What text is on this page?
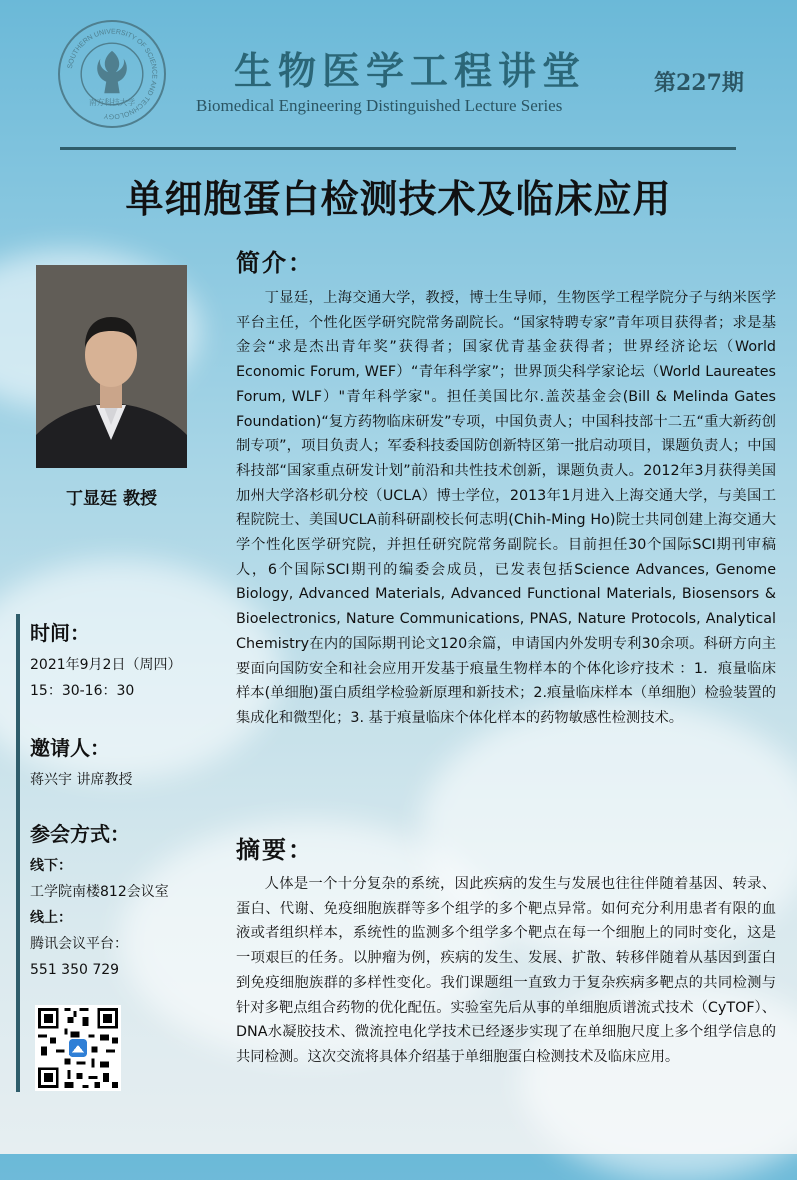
SOUTHERN UNIVERSITY OF SCIENCE AND TECHNOLOGY
南方科技大学
生物医学工程讲堂
Biomedical Engineering Distinguished Lecture Series
第227期
单细胞蛋白检测技术及临床应用
丁显廷 教授

时间：

2021年9月2日（周四）

15：30-16：30

邀请人：

蒋兴宇 讲席教授

参会方式：

线下：

工学院南楼812会议室

线上：

腾讯会议平台：

551 350 729

简介：

丁显廷，上海交通大学，教授，博士生导师，生物医学工程学院分子与纳米医学平台主任，个性化医学研究院常务副院长。“国家特聘专家”青年项目获得者；求是基金会“求是杰出青年奖”获得者；国家优青基金获得者；世界经济论坛（World Economic Forum, WEF）“青年科学家”；世界顶尖科学家论坛（World Laureates Forum, WLF）"青年科学家"。担任美国比尔.盖茨基金会(Bill & Melinda Gates Foundation)“复方药物临床研发”专项，中国负责人；中国科技部十二五“重大新药创制专项”，项目负责人；军委科技委国防创新特区第一批启动项目，课题负责人；中国科技部“国家重点研发计划”前沿和共性技术创新，课题负责人。2012年3月获得美国加州大学洛杉矶分校（UCLA）博士学位，2013年1月进入上海交通大学，与美国工程院院士、美国UCLA前科研副校长何志明(Chih-Ming Ho)院士共同创建上海交通大学个性化医学研究院，并担任研究院常务副院长。目前担任30个国际SCI期刊审稿人，6个国际SCI期刊的编委会成员，已发表包括Science Advances, Genome Biology, Advanced Materials, Advanced Functional Materials, Biosensors & Bioelectronics, Nature Communications, PNAS, Nature Protocols, Analytical Chemistry在内的国际期刊论文120余篇，申请国内外发明专利30余项。科研方向主要面向国防安全和社会应用开发基于痕量生物样本的个体化诊疗技术 ：1．痕量临床样本(单细胞)蛋白质组学检验新原理和新技术；2.痕量临床样本（单细胞）检验装置的集成化和微型化；3. 基于痕量临床个体化样本的药物敏感性检测技术。

摘要：

人体是一个十分复杂的系统，因此疾病的发生与发展也往往伴随着基因、转录、蛋白、代谢、免疫细胞族群等多个组学的多个靶点异常。如何充分利用患者有限的血液或者组织样本，系统性的监测多个组学多个靶点在每一个细胞上的同时变化，这是一项艰巨的任务。以肿瘤为例，疾病的发生、发展、扩散、转移伴随着从基因到蛋白到免疫细胞族群的多样性变化。我们课题组一直致力于复杂疾病多靶点的共同检测与针对多靶点组合药物的优化配伍。实验室先后从事的单细胞质谱流式技术（CyTOF）、DNA水凝胶技术、微流控电化学技术已经逐步实现了在单细胞尺度上多个组学信息的共同检测。这次交流将具体介绍基于单细胞蛋白检测技术及临床应用。
